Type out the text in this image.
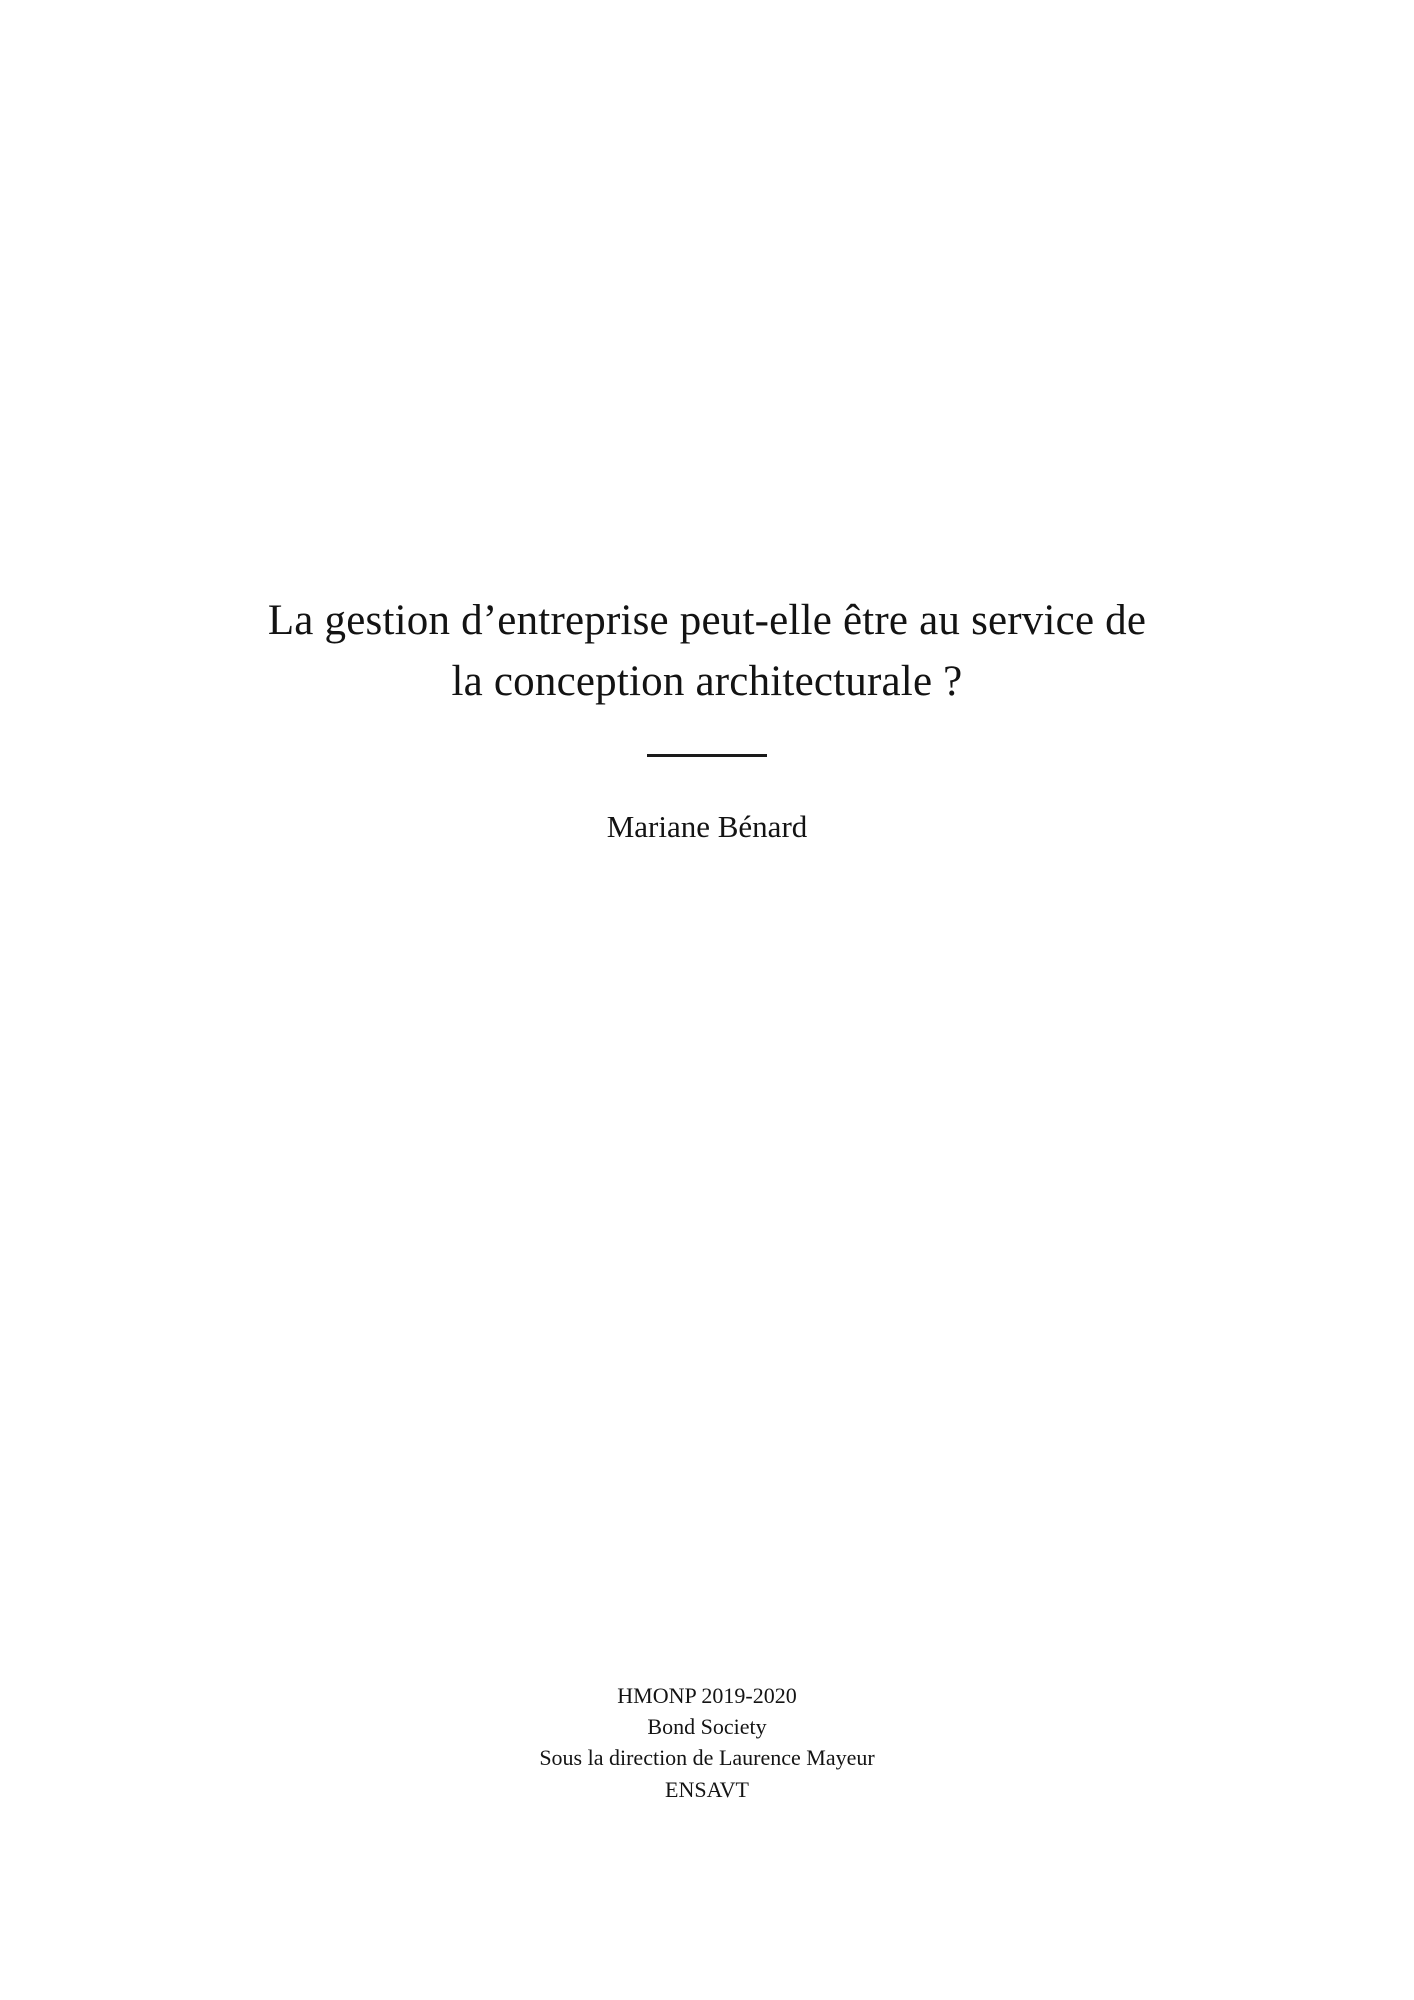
La gestion d’entreprise peut-elle être au service de
la conception architecturale ?
Mariane Bénard
HMONP 2019-2020
Bond Society
Sous la direction de Laurence Mayeur
ENSAVT
